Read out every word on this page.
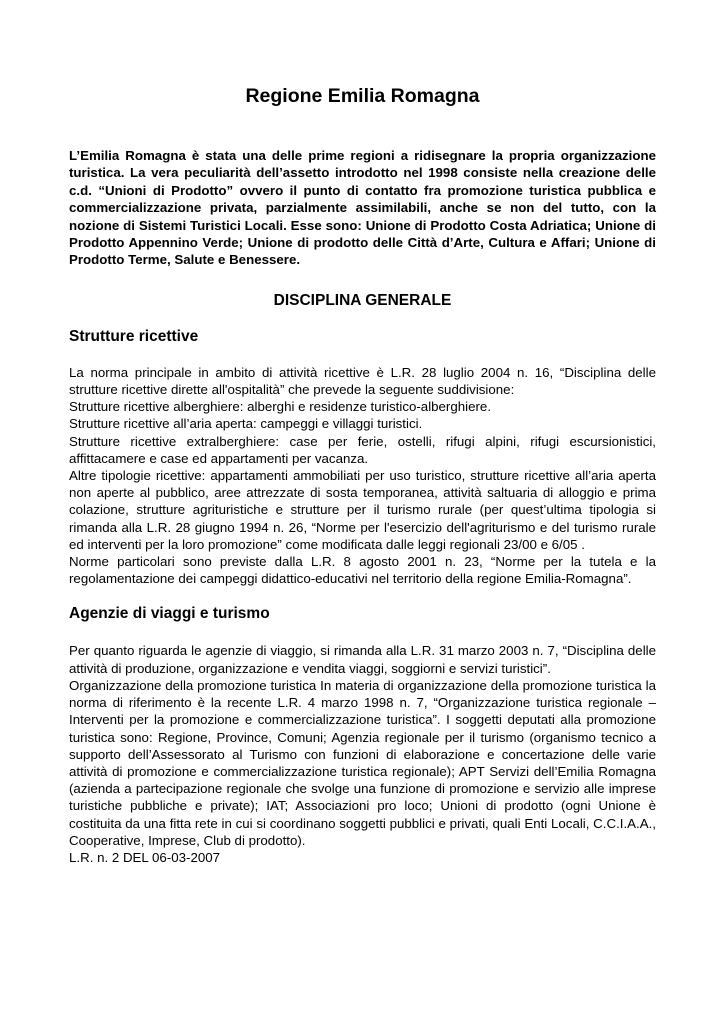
Regione Emilia Romagna
L’Emilia Romagna è stata una delle prime regioni a ridisegnare la propria organizzazione turistica. La vera peculiarità dell’assetto introdotto nel 1998 consiste nella creazione delle c.d. “Unioni di Prodotto” ovvero il punto di contatto fra promozione turistica pubblica e commercializzazione privata, parzialmente assimilabili, anche se non del tutto, con la nozione di Sistemi Turistici Locali. Esse sono: Unione di Prodotto Costa Adriatica; Unione di Prodotto Appennino Verde; Unione di prodotto delle Città d’Arte, Cultura e Affari; Unione di Prodotto Terme, Salute e Benessere.
DISCIPLINA GENERALE
Strutture ricettive

La norma principale in ambito di attività ricettive è L.R. 28 luglio 2004 n. 16, “Disciplina delle strutture ricettive dirette all'ospitalità” che prevede la seguente suddivisione:

Strutture ricettive alberghiere: alberghi e residenze turistico-alberghiere.

Strutture ricettive all’aria aperta: campeggi e villaggi turistici.

Strutture ricettive extralberghiere: case per ferie, ostelli, rifugi alpini, rifugi escursionistici, affittacamere e case ed appartamenti per vacanza.

Altre tipologie ricettive: appartamenti ammobiliati per uso turistico, strutture ricettive all’aria aperta non aperte al pubblico, aree attrezzate di sosta temporanea, attività saltuaria di alloggio e prima colazione, strutture agrituristiche e strutture per il turismo rurale (per quest’ultima tipologia si rimanda alla L.R. 28 giugno 1994 n. 26, “Norme per l'esercizio dell'agriturismo e del turismo rurale ed interventi per la loro promozione” come modificata dalle leggi regionali 23/00 e 6/05 .

Norme particolari sono previste dalla L.R. 8 agosto 2001 n. 23, “Norme per la tutela e la regolamentazione dei campeggi didattico-educativi nel territorio della regione Emilia-Romagna”.

Agenzie di viaggi e turismo

Per quanto riguarda le agenzie di viaggio, si rimanda alla L.R. 31 marzo 2003 n. 7, “Disciplina delle attività di produzione, organizzazione e vendita viaggi, soggiorni e servizi turistici”.

Organizzazione della promozione turistica In materia di organizzazione della promozione turistica la norma di riferimento è la recente L.R. 4 marzo 1998 n. 7, “Organizzazione turistica regionale – Interventi per la promozione e commercializzazione turistica”. I soggetti deputati alla promozione turistica sono: Regione, Province, Comuni; Agenzia regionale per il turismo (organismo tecnico a supporto dell’Assessorato al Turismo con funzioni di elaborazione e concertazione delle varie attività di promozione e commercializzazione turistica regionale); APT Servizi dell’Emilia Romagna (azienda a partecipazione regionale che svolge una funzione di promozione e servizio alle imprese turistiche pubbliche e private); IAT; Associazioni pro loco; Unioni di prodotto (ogni Unione è costituita da una fitta rete in cui si coordinano soggetti pubblici e privati, quali Enti Locali, C.C.I.A.A., Cooperative, Imprese, Club di prodotto).

L.R. n. 2 DEL 06-03-2007
